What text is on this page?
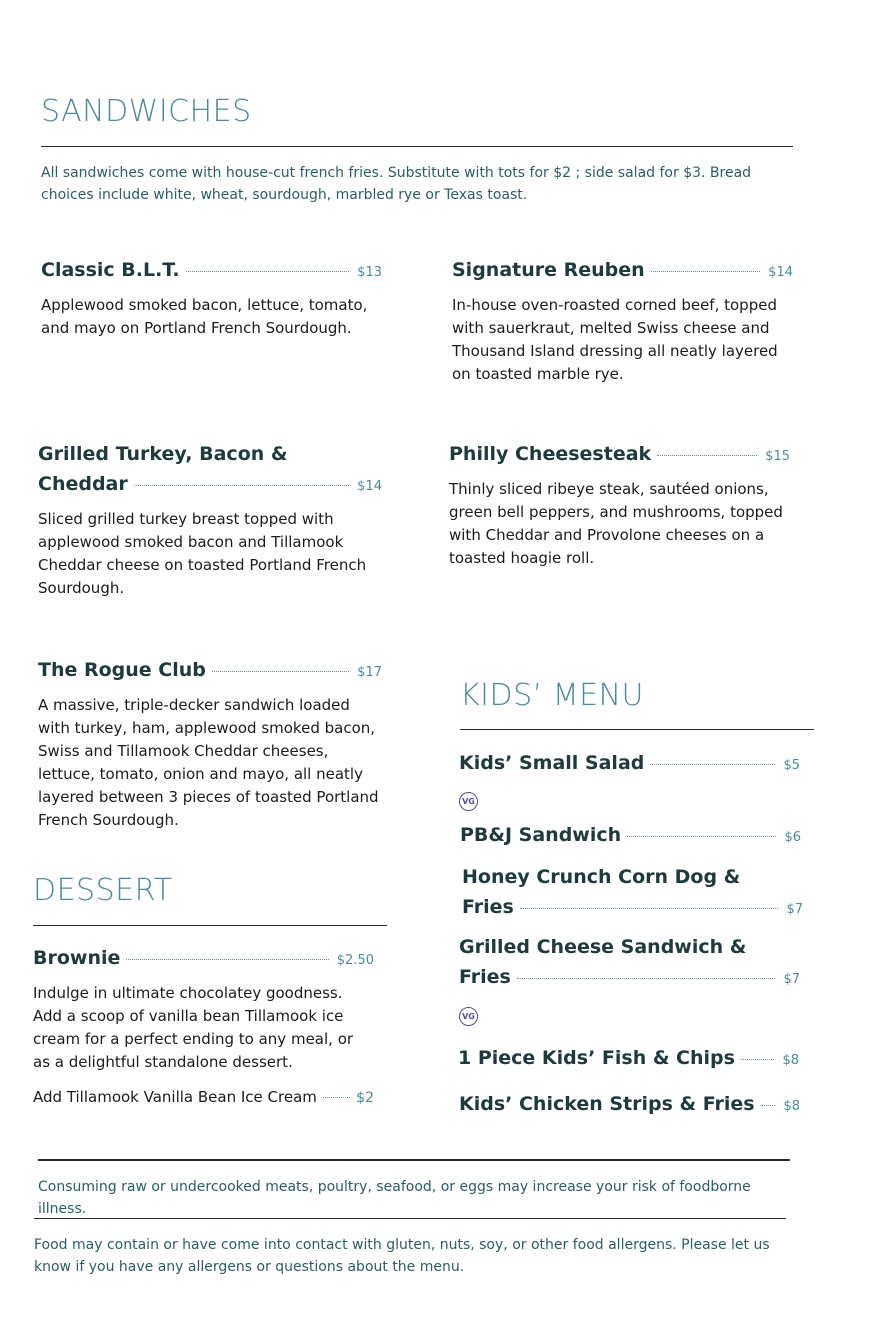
SANDWICHES

All sandwiches come with house-cut french fries. Substitute with tots for $2 ; side salad for $3. Bread choices include white, wheat, sourdough, marbled rye or Texas toast.

Classic B.L.T.	$13

Applewood smoked bacon, lettuce, tomato, and mayo on Portland French Sourdough.

Signature Reuben	$14

In-house oven-roasted corned beef, topped with sauerkraut, melted Swiss cheese and Thousand Island dressing all neatly layered on toasted marble rye.

Grilled Turkey, Bacon &
Cheddar	$14

Sliced grilled turkey breast topped with applewood smoked bacon and Tillamook Cheddar cheese on toasted Portland French Sourdough.

Philly Cheesesteak	$15

Thinly sliced ribeye steak, sautéed onions, green bell peppers, and mushrooms, topped with Cheddar and Provolone cheeses on a toasted hoagie roll.

The Rogue Club	$17

A massive, triple-decker sandwich loaded with turkey, ham, applewood smoked bacon, Swiss and Tillamook Cheddar cheeses, lettuce, tomato, onion and mayo, all neatly layered between 3 pieces of toasted Portland French Sourdough.

DESSERT
Brownie	$2.50

Indulge in ultimate chocolatey goodness. Add a scoop of vanilla bean Tillamook ice cream for a perfect ending to any meal, or as a delightful standalone dessert.

Add Tillamook Vanilla Bean Ice Cream	$2
KIDS’ MENU
Kids’ Small Salad	$5
VG
PB&J Sandwich	$6
Honey Crunch Corn Dog &
Fries	$7
Grilled Cheese Sandwich &
Fries	$7
VG
1 Piece Kids’ Fish & Chips	$8
Kids’ Chicken Strips & Fries $8

Consuming raw or undercooked meats, poultry, seafood, or eggs may increase your risk of foodborne illness.

Food may contain or have come into contact with gluten, nuts, soy, or other food allergens. Please let us know if you have any allergens or questions about the menu.
